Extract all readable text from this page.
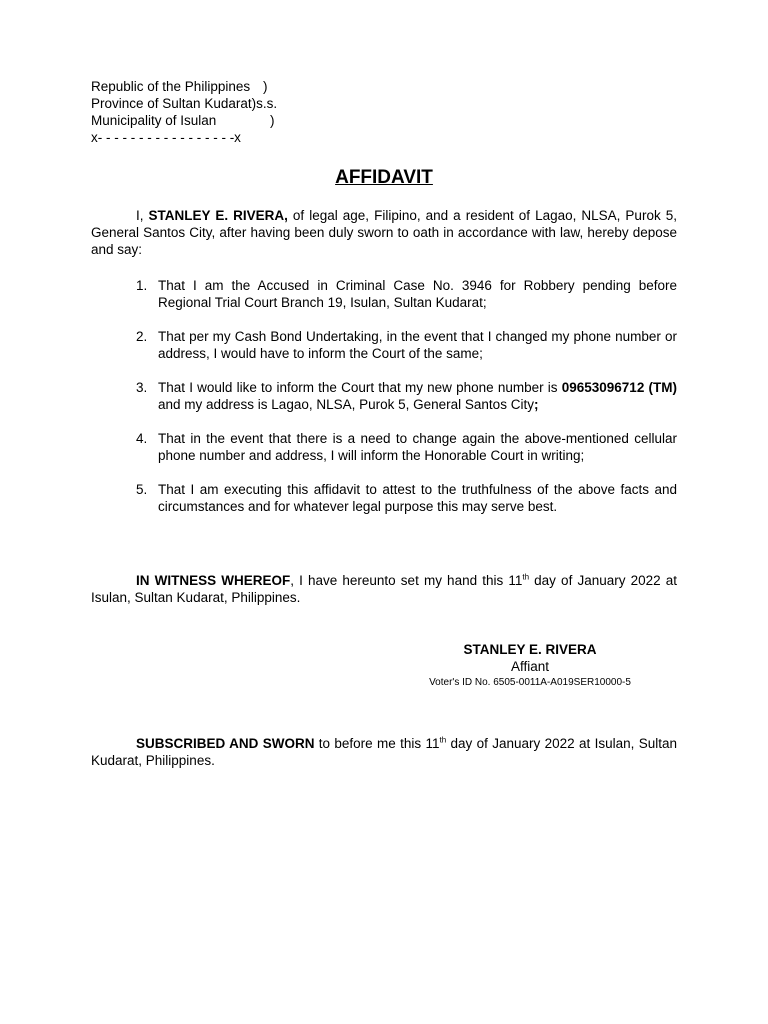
Republic of the Philippines )
Province of Sultan Kudarat)s.s.
Municipality of Isulan	)
x- - - - - - - - - - - - - - - - -x
AFFIDAVIT
I, STANLEY E. RIVERA, of legal age, Filipino, and a resident of Lagao, NLSA, Purok 5, General Santos City, after having been duly sworn to oath in accordance with law, hereby depose and say:
1. That I am the Accused in Criminal Case No. 3946 for Robbery pending before Regional Trial Court Branch 19, Isulan, Sultan Kudarat;
2. That per my Cash Bond Undertaking, in the event that I changed my phone number or address, I would have to inform the Court of the same;
3. That I would like to inform the Court that my new phone number is 09653096712 (TM) and my address is Lagao, NLSA, Purok 5, General Santos City;
4. That in the event that there is a need to change again the above-mentioned cellular phone number and address, I will inform the Honorable Court in writing;
5. That I am executing this affidavit to attest to the truthfulness of the above facts and circumstances and for whatever legal purpose this may serve best.
IN WITNESS WHEREOF, I have hereunto set my hand this 11th day of January 2022 at Isulan, Sultan Kudarat, Philippines.
STANLEY E. RIVERA
Affiant
Voter's ID No. 6505-0011A-A019SER10000-5
SUBSCRIBED AND SWORN to before me this 11th day of January 2022 at Isulan, Sultan Kudarat, Philippines.
